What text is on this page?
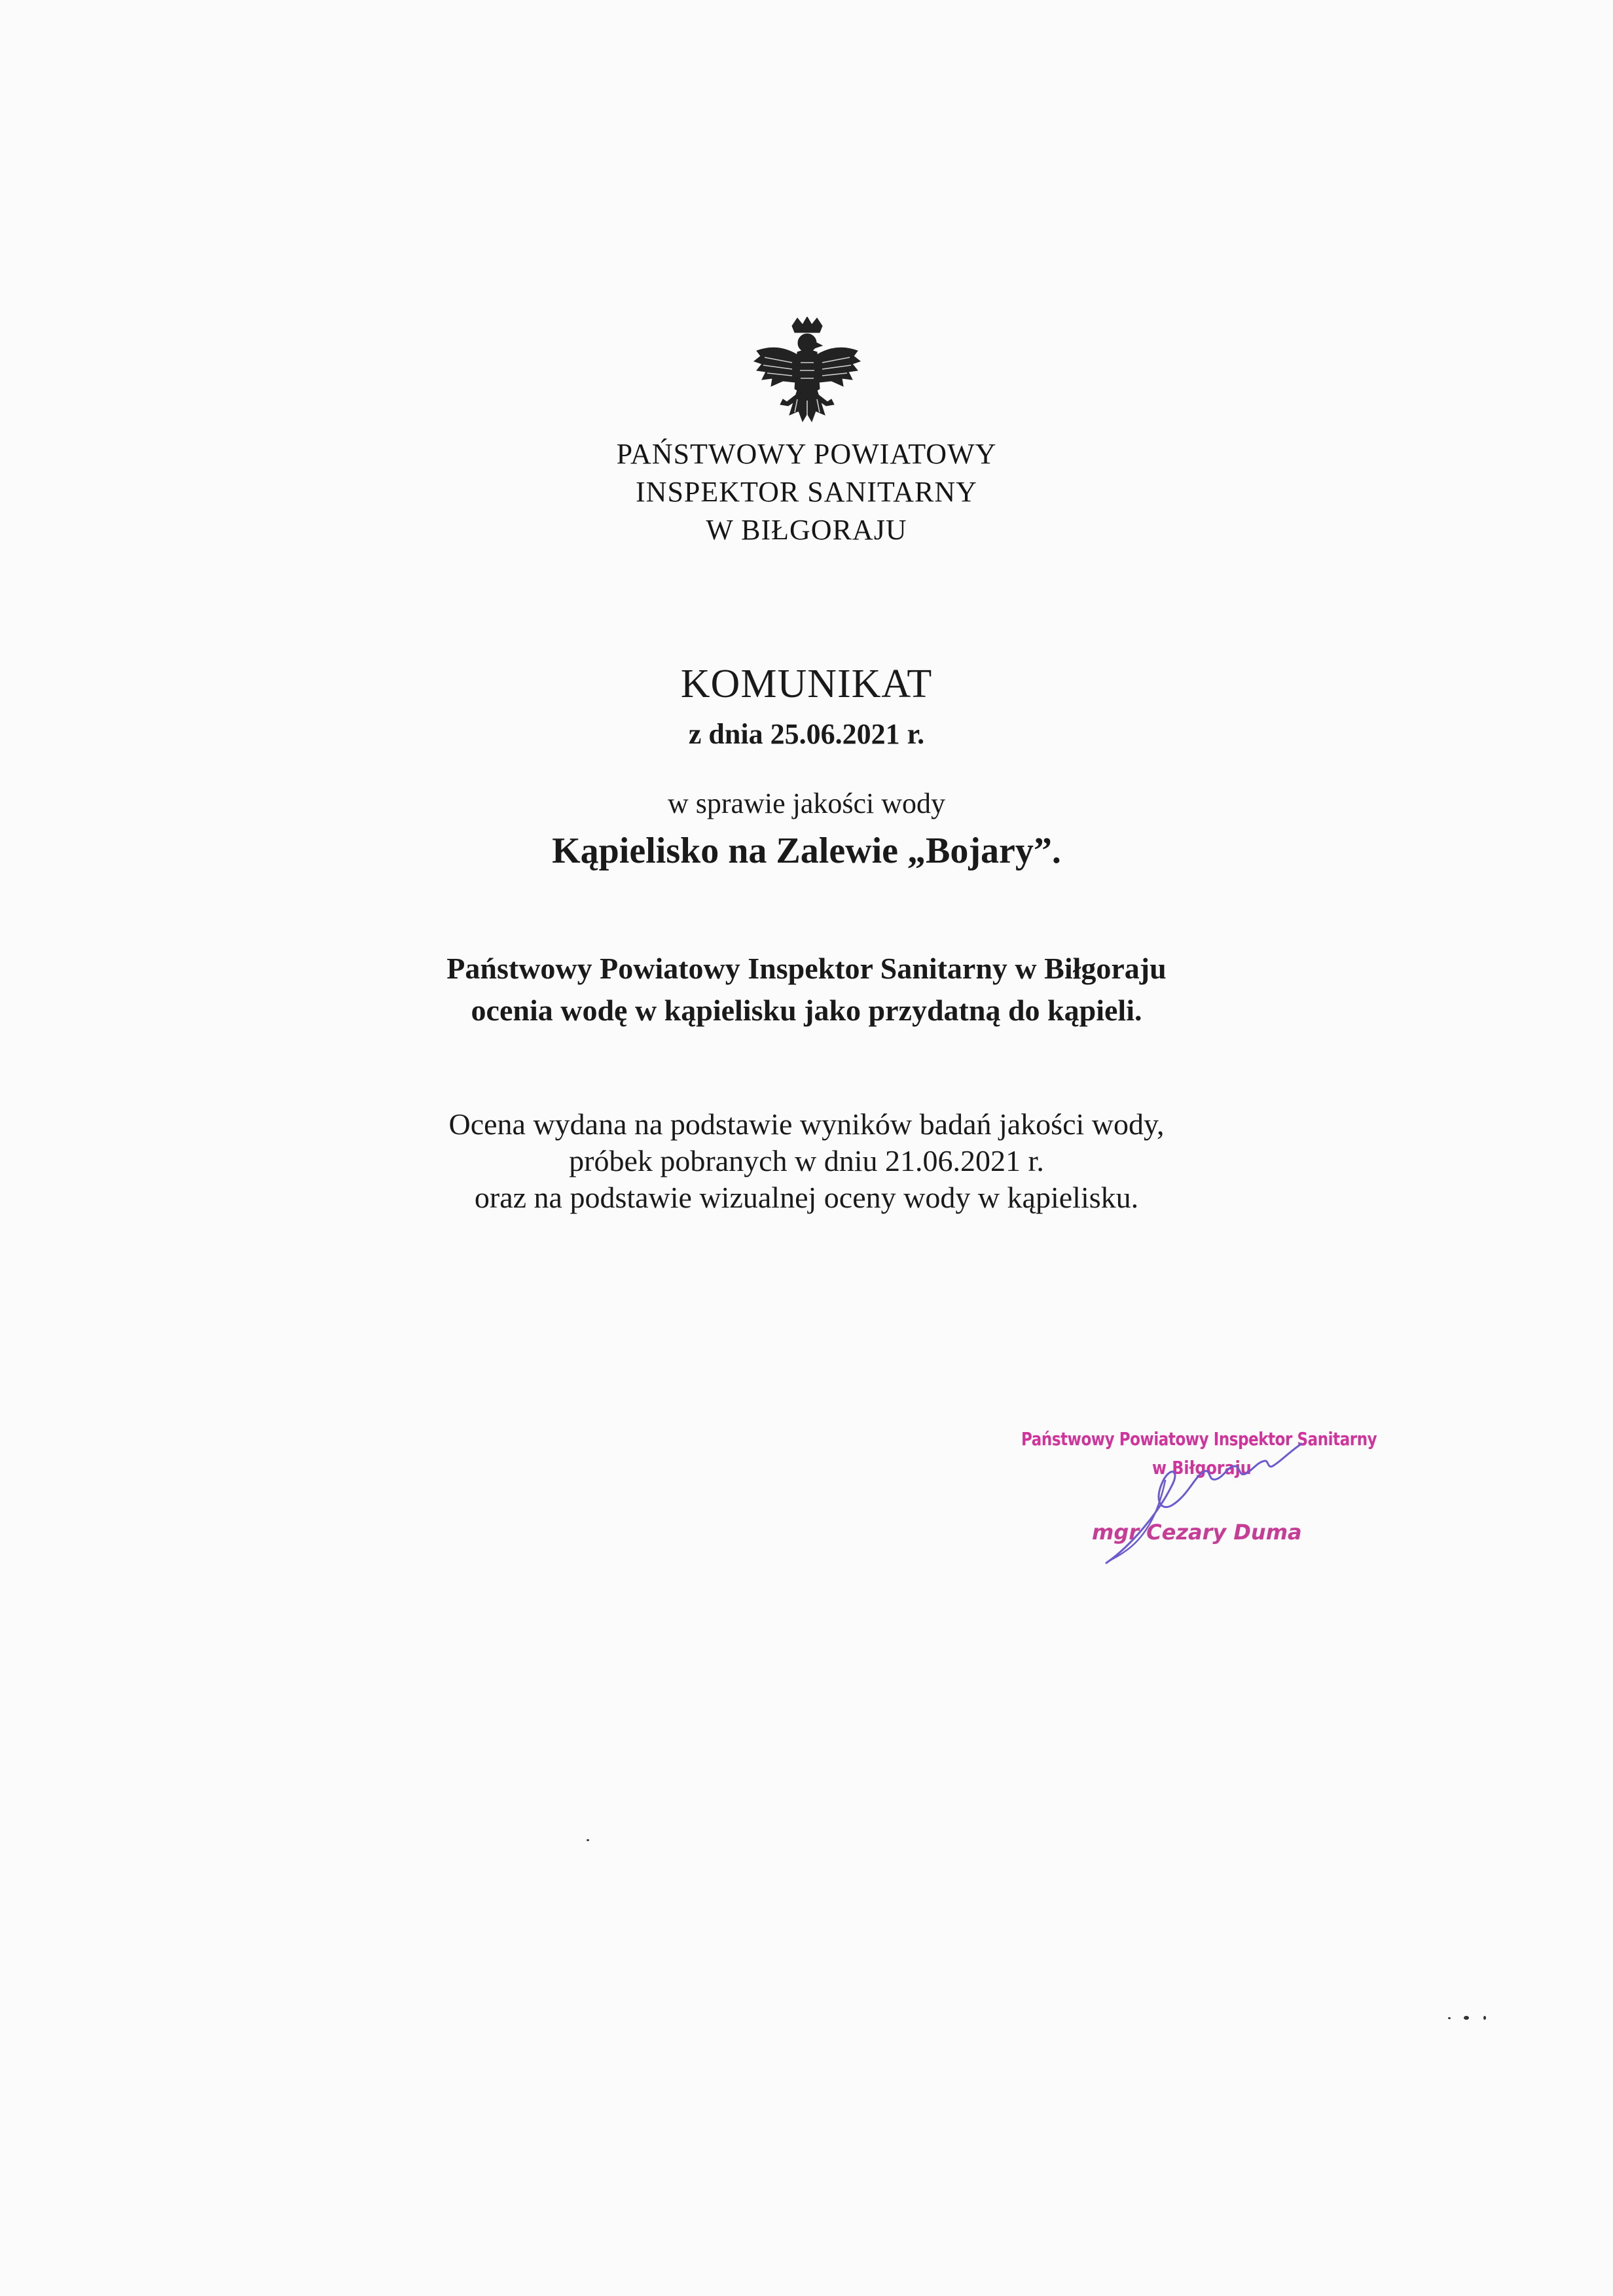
PAŃSTWOWY POWIATOWY
INSPEKTOR SANITARNY
W BIŁGORAJU
KOMUNIKAT
z dnia 25.06.2021 r.
w sprawie jakości wody
Kąpielisko na Zalewie „Bojary”.
Państwowy Powiatowy Inspektor Sanitarny w Biłgoraju
ocenia wodę w kąpielisku jako przydatną do kąpieli.
Ocena wydana na podstawie wyników badań jakości wody,
próbek pobranych w dniu 21.06.2021 r.
oraz na podstawie wizualnej oceny wody w kąpielisku.
Państwowy Powiatowy Inspektor Sanitarny
w Biłgoraju
mgr Cezary Duma
